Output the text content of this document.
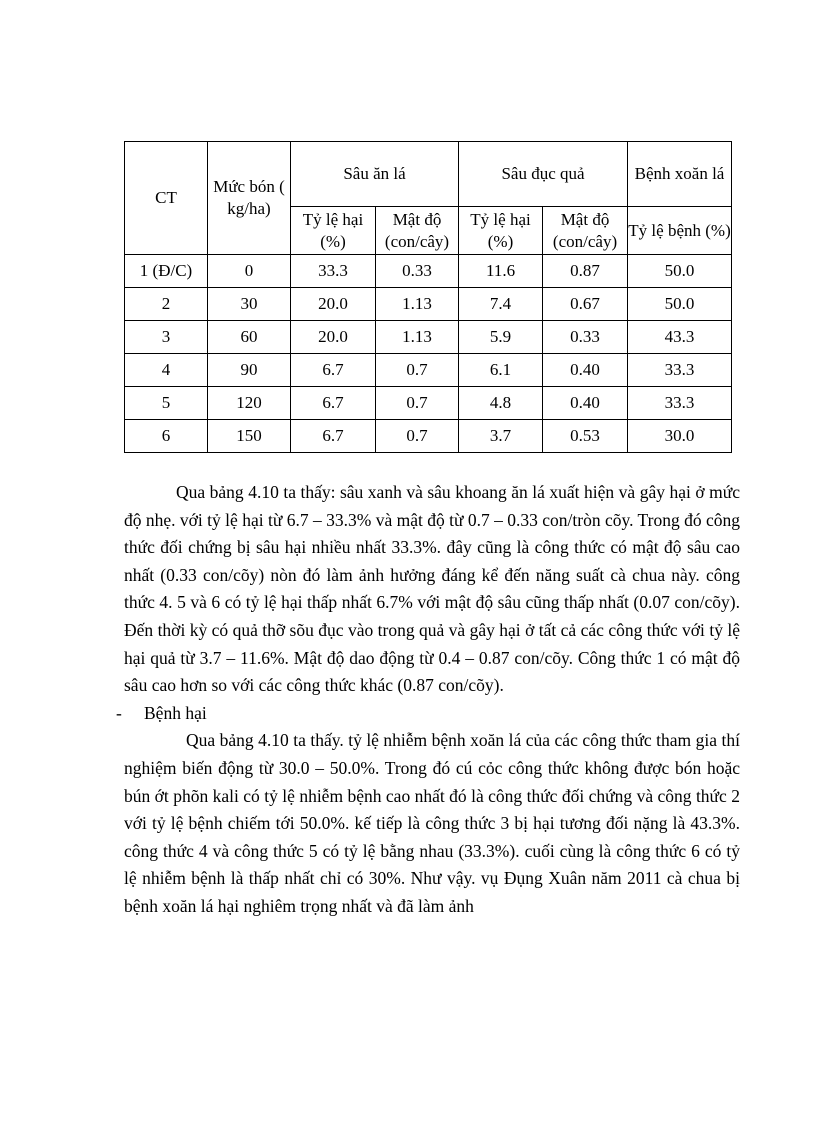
CT	Mức bón ( kg/ha)	Sâu ăn lá		Sâu đục quả		Bệnh xoăn lá
		Tỷ lệ hại (%)	Mật độ (con/cây)	Tỷ lệ hại (%)	Mật độ (con/cây)	Tỷ lệ bệnh (%)
1 (Đ/C)	0	33.3	0.33	11.6	0.87	50.0
2	30	20.0	1.13	7.4	0.67	50.0
3	60	20.0	1.13	5.9	0.33	43.3
4	90	6.7	0.7	6.1	0.40	33.3
5	120	6.7	0.7	4.8	0.40	33.3
6	150	6.7	0.7	3.7	0.53	30.0

Qua bảng 4.10 ta thấy: sâu xanh và sâu khoang ăn lá xuất hiện và gây hại ở mức độ nhẹ. với tỷ lệ hại từ 6.7 – 33.3% và mật độ từ 0.7 – 0.33 con/tròn cõy. Trong đó công thức đối chứng bị sâu hại nhiều nhất 33.3%. đây cũng là công thức có mật độ sâu cao nhất (0.33 con/cõy) nòn đó làm ảnh hưởng đáng kể đến năng suất cà chua này. công thức 4. 5 và 6 có tỷ lệ hại thấp nhất 6.7% với mật độ sâu cũng thấp nhất (0.07 con/cõy). Đến thời kỳ có quả thỡ sõu đục vào trong quả và gây hại ở tất cả các công thức với tỷ lệ hại quả từ 3.7 – 11.6%. Mật độ dao động từ 0.4 – 0.87 con/cõy. Công thức 1 có mật độ sâu cao hơn so với các công thức khác (0.87 con/cõy).

-	Bệnh hại

Qua bảng 4.10 ta thấy. tỷ lệ nhiễm bệnh xoăn lá của các công thức tham gia thí nghiệm biến động từ 30.0 – 50.0%. Trong đó cú cỏc công thức không được bón hoặc bún ớt phõn kali có tỷ lệ nhiễm bệnh cao nhất đó là công thức đối chứng và công thức 2 với tỷ lệ bệnh chiếm tới 50.0%. kế tiếp là công thức 3 bị hại tương đối nặng là 43.3%. công thức 4 và công thức 5 có tỷ lệ bằng nhau (33.3%). cuối cùng là công thức 6 có tỷ lệ nhiễm bệnh là thấp nhất chỉ có 30%. Như vậy. vụ Đụng Xuân năm 2011 cà chua bị bệnh xoăn lá hại nghiêm trọng nhất và đã làm ảnh
